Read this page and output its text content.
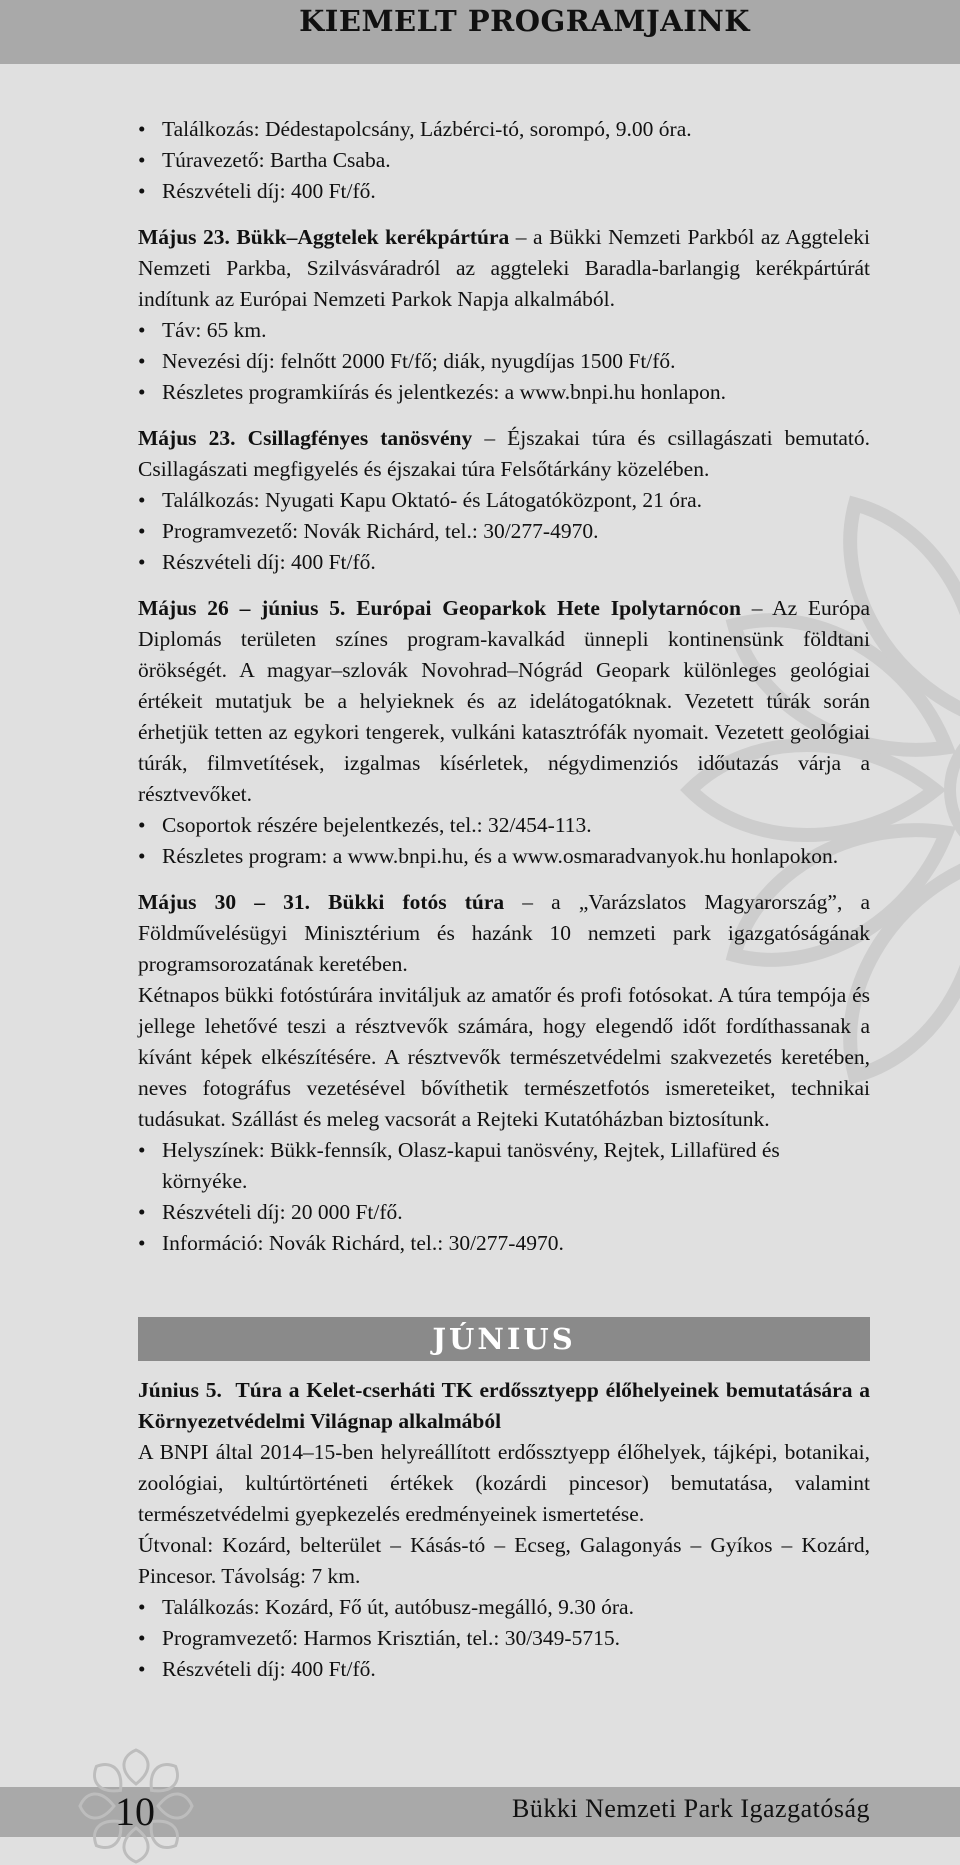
KIEMELT PROGRAMJAINK
• Találkozás: Dédestapolcsány, Lázbérci-tó, sorompó, 9.00 óra.
• Túravezető: Bartha Csaba.
• Részvételi díj: 400 Ft/fő.

Május 23. Bükk–Aggtelek kerékpártúra – a Bükki Nemzeti Parkból az Aggteleki Nemzeti Parkba, Szilvásváradról az aggteleki Baradla-barlangig kerékpártúrát indítunk az Európai Nemzeti Parkok Napja alkalmából.

• Táv: 65 km.
• Nevezési díj: felnőtt 2000 Ft/fő; diák, nyugdíjas 1500 Ft/fő.
• Részletes programkiírás és jelentkezés: a www.bnpi.hu honlapon.

Május 23. Csillagfényes tanösvény – Éjszakai túra és csillagászati bemutató. Csillagászati megfigyelés és éjszakai túra Felsőtárkány közelében.

• Találkozás: Nyugati Kapu Oktató- és Látogatóközpont, 21 óra.
• Programvezető: Novák Richárd, tel.: 30/277-4970.
• Részvételi díj: 400 Ft/fő.

Május 26 – június 5. Európai Geoparkok Hete Ipolytarnócon – Az Európa Diplomás területen színes program-kavalkád ünnepli kontinensünk földtani örökségét. A magyar–szlovák Novohrad–Nógrád Geopark különleges geológiai értékeit mutatjuk be a helyieknek és az idelátogatóknak. Vezetett túrák során érhetjük tetten az egykori tengerek, vulkáni katasztrófák nyomait. Vezetett geológiai túrák, filmvetítések, izgalmas kísérletek, négydimenziós időutazás várja a résztvevőket.

• Csoportok részére bejelentkezés, tel.: 32/454-113.
• Részletes program: a www.bnpi.hu, és a www.osmaradvanyok.hu honlapokon.

Május 30 – 31. Bükki fotós túra – a „Varázslatos Magyarország”, a Földművelésügyi Minisztérium és hazánk 10 nemzeti park igazgatóságának programsorozatának keretében.

Kétnapos bükki fotóstúrára invitáljuk az amatőr és profi fotósokat. A túra tempója és jellege lehetővé teszi a résztvevők számára, hogy elegendő időt fordíthassanak a kívánt képek elkészítésére. A résztvevők természetvédelmi szakvezetés keretében, neves fotográfus vezetésével bővíthetik természetfotós ismereteiket, technikai tudásukat. Szállást és meleg vacsorát a Rejteki Kutatóházban biztosítunk.

• Helyszínek: Bükk-fennsík, Olasz-kapui tanösvény, Rejtek, Lillafüred és környéke.
• Részvételi díj: 20 000 Ft/fő.
• Információ: Novák Richárd, tel.: 30/277-4970.
JÚNIUS

Június 5. Túra a Kelet-cserháti TK erdőssztyepp élőhelyeinek bemutatására a Környezetvédelmi Világnap alkalmából

A BNPI által 2014–15-ben helyreállított erdőssztyepp élőhelyek, tájképi, botanikai, zoológiai, kultúrtörténeti értékek (kozárdi pincesor) bemutatása, valamint természetvédelmi gyepkezelés eredményeinek ismertetése.

Útvonal: Kozárd, belterület – Kásás-tó – Ecseg, Galagonyás – Gyíkos – Kozárd, Pincesor. Távolság: 7 km.

• Találkozás: Kozárd, Fő út, autóbusz-megálló, 9.30 óra.
• Programvezető: Harmos Krisztián, tel.: 30/349-5715.
• Részvételi díj: 400 Ft/fő.
10	Bükki Nemzeti Park Igazgatóság
